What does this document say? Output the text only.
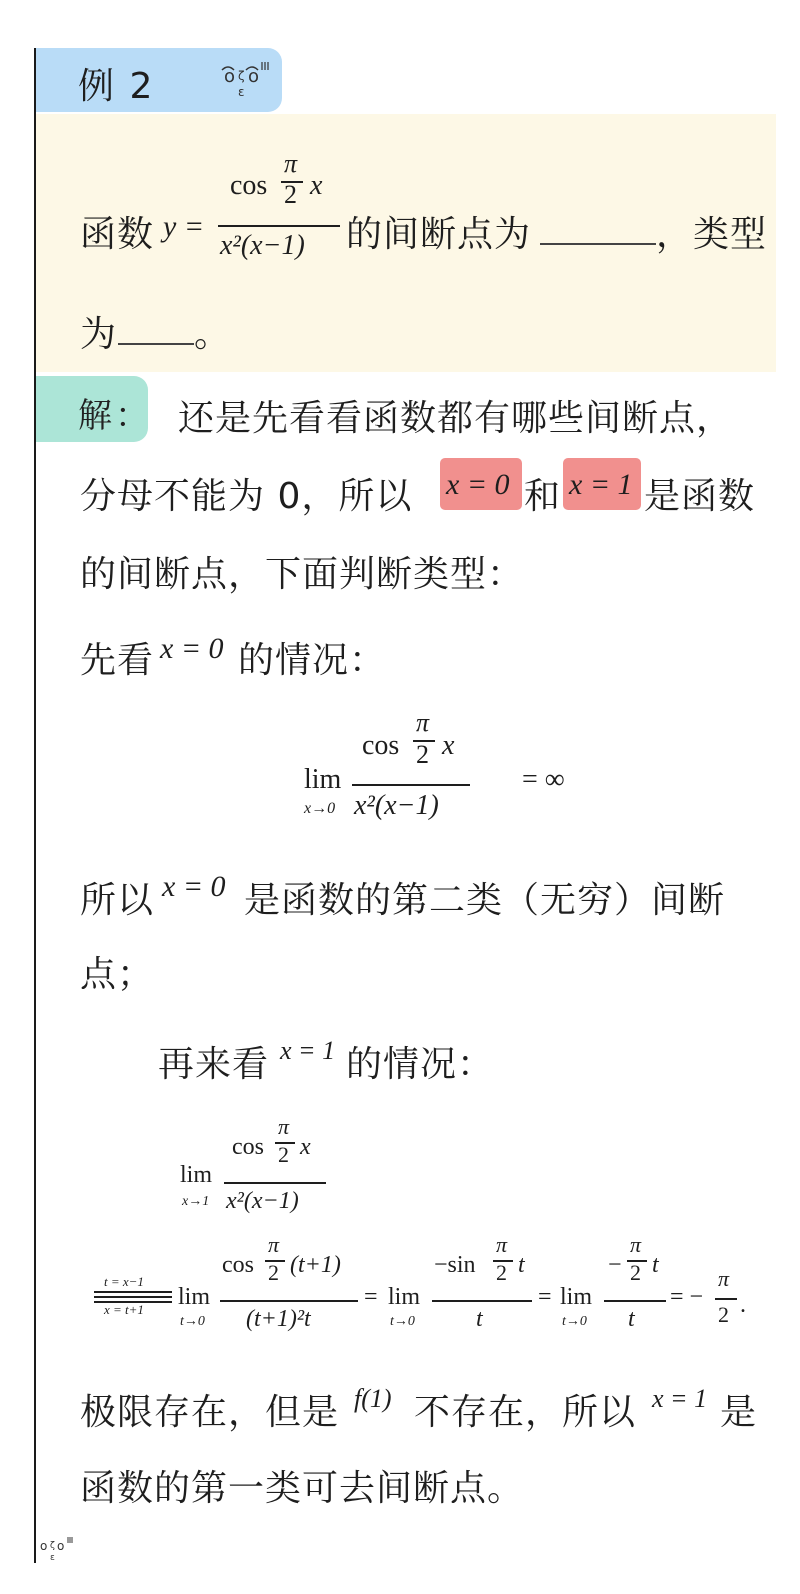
例 2	o ζ o
ε
函数 y =
cos
π
2 x
x²(x−1) 的间断点为	，类型
为 。
解： 还是先看看函数都有哪些间断点，
分母不能为 0，所以 x = 0 和 x = 1 是函数
的间断点，下面判断类型：
先看 x = 0 的情况：
lim
x→0
cos
π
2 x
x²(x−1)
= ∞
所以 x = 0 是函数的第二类（无穷）间断
点；
再来看 x = 1 的情况：
lim
x→1
cos
π
2 x
x²(x−1)
t = x−1
x = t+1 lim
t→0
cos
π
2 (t+1)
(t+1)²t
= lim
t→0
−sin
π
2 t
t
= lim
t→0
−
π
2 t
t
= −
π
2 .
极限存在，但是 f(1) 不存在，所以 x = 1 是
函数的第一类可去间断点。
o ζ o
ε
